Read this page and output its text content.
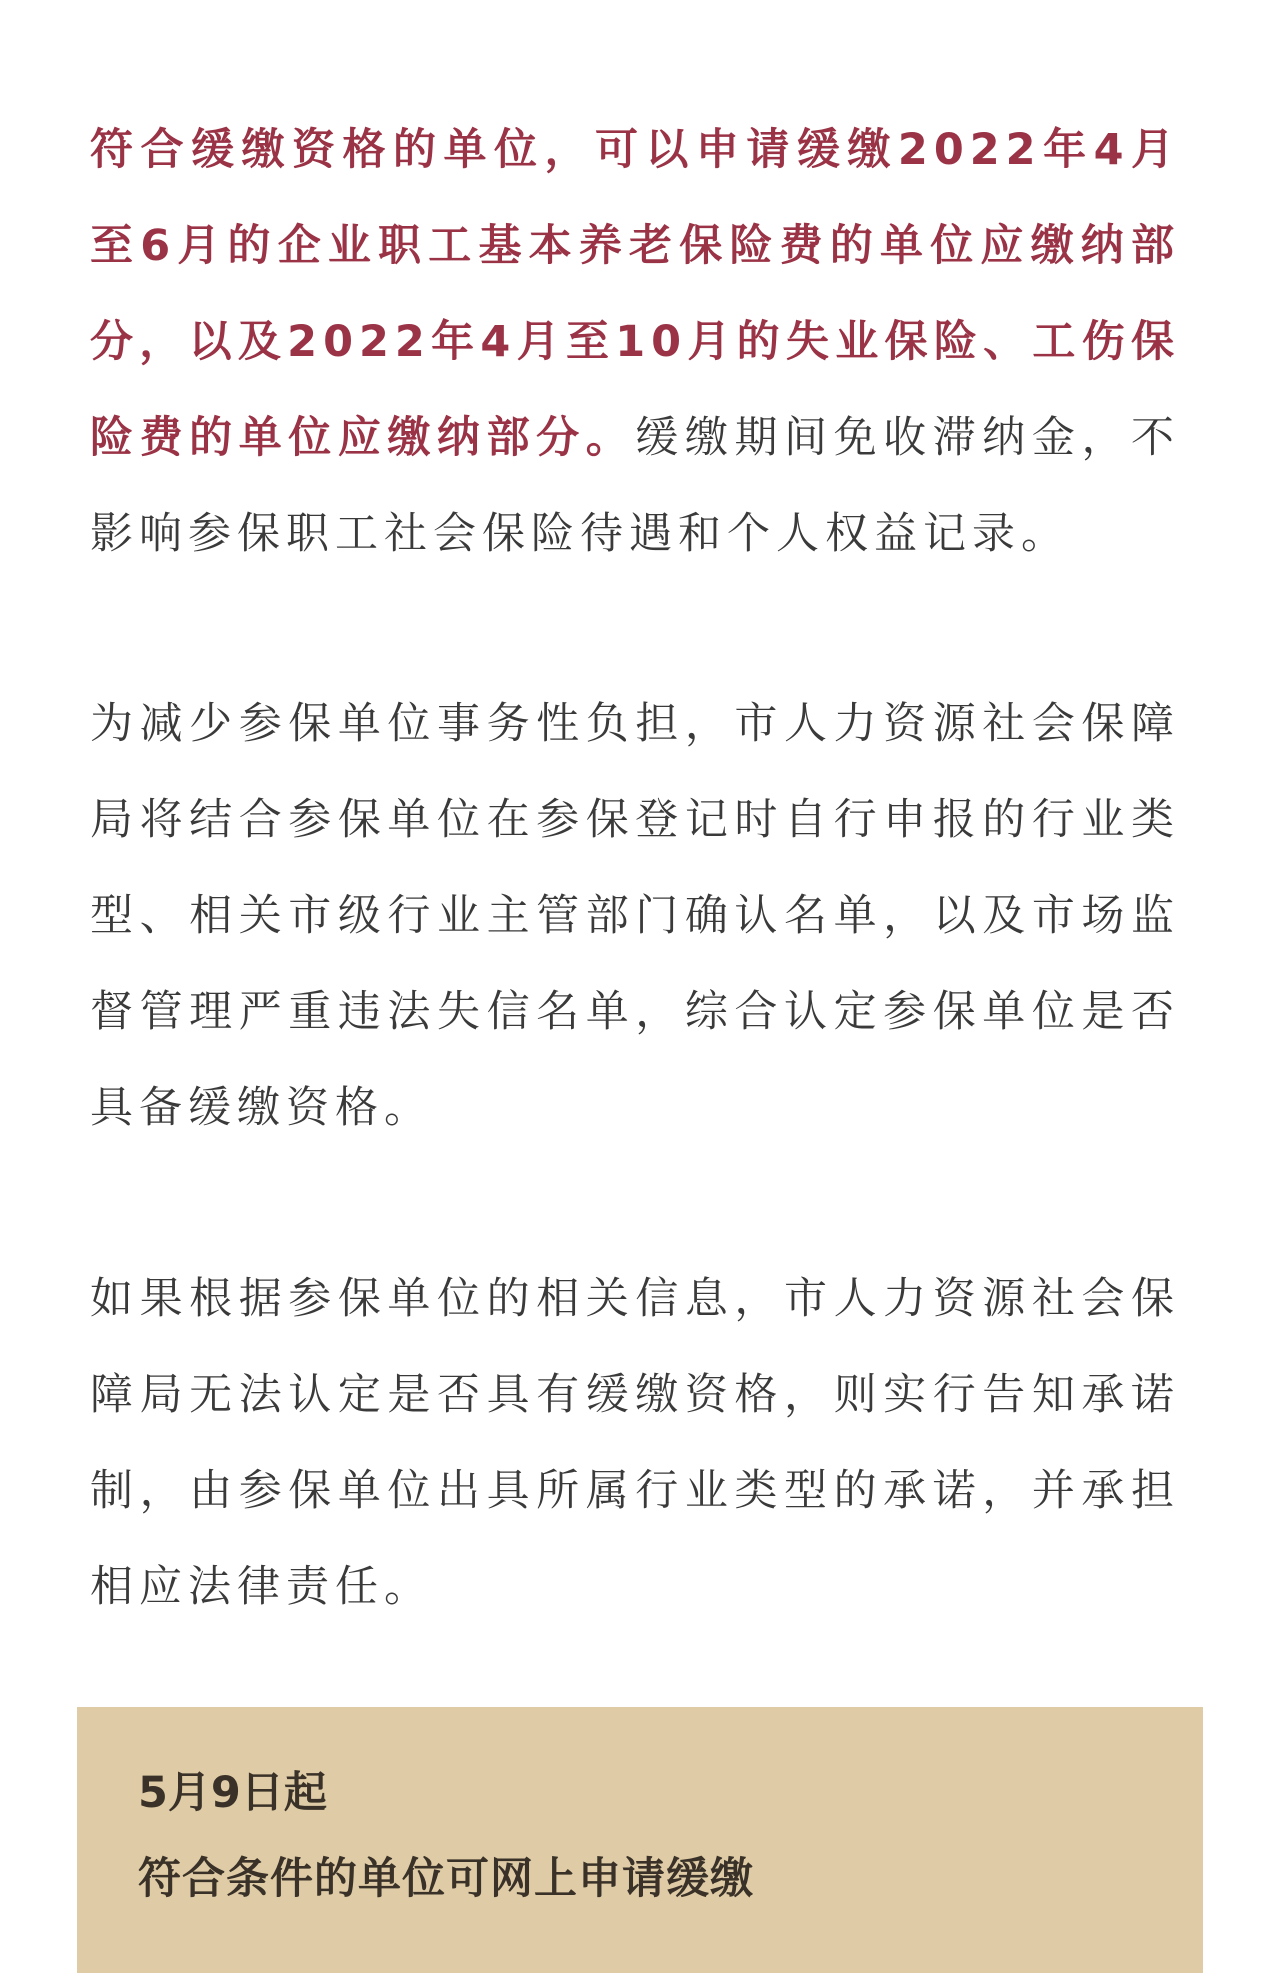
符合缓缴资格的单位，可以申请缓缴2022年4月至6月的企业职工基本养老保险费的单位应缴纳部分，以及2022年4月至10月的失业保险、工伤保险费的单位应缴纳部分。缓缴期间免收滞纳金，不影响参保职工社会保险待遇和个人权益记录。

为减少参保单位事务性负担，市人力资源社会保障局将结合参保单位在参保登记时自行申报的行业类型、相关市级行业主管部门确认名单，以及市场监督管理严重违法失信名单，综合认定参保单位是否具备缓缴资格。

如果根据参保单位的相关信息，市人力资源社会保障局无法认定是否具有缓缴资格，则实行告知承诺制，由参保单位出具所属行业类型的承诺，并承担相应法律责任。

5月9日起

符合条件的单位可网上申请缓缴
